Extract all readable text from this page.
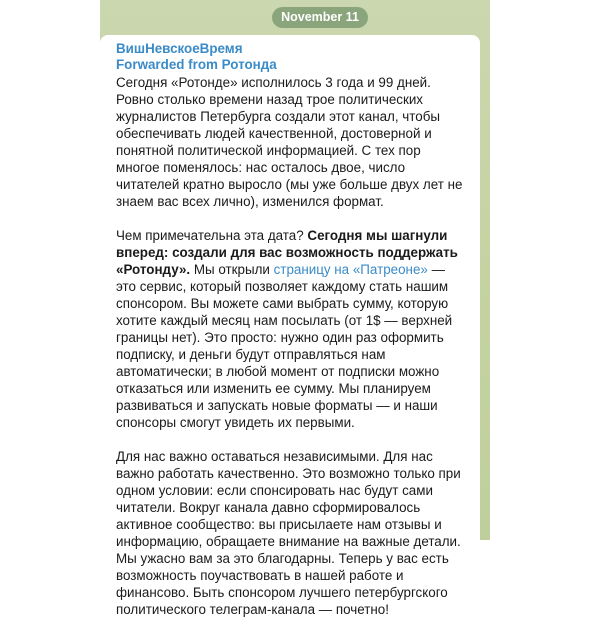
November 11
ВишНевскоеВремя
Forwarded from Ротонда
Сегодня «Ротонде» исполнилось 3 года и 99 дней. Ровно столько времени назад трое политических журналистов Петербурга создали этот канал, чтобы обеспечивать людей качественной, достоверной и понятной политической информацией. С тех пор многое поменялось: нас осталось двое, число читателей кратно выросло (мы уже больше двух лет не знаем вас всех лично), изменился формат.
Чем примечательна эта дата? Сегодня мы шагнули вперед: создали для вас возможность поддержать «Ротонду». Мы открыли страницу на «Патреоне» — это сервис, который позволяет каждому стать нашим спонсором. Вы можете сами выбрать сумму, которую хотите каждый месяц нам посылать (от 1$ — верхней границы нет). Это просто: нужно один раз оформить подписку, и деньги будут отправляться нам автоматически; в любой момент от подписки можно отказаться или изменить ее сумму. Мы планируем развиваться и запускать новые форматы — и наши спонсоры смогут увидеть их первыми.
Для нас важно оставаться независимыми. Для нас важно работать качественно. Это возможно только при одном условии: если спонсировать нас будут сами читатели. Вокруг канала давно сформировалось активное сообщество: вы присылаете нам отзывы и информацию, обращаете внимание на важные детали. Мы ужасно вам за это благодарны. Теперь у вас есть возможность поучаствовать в нашей работе и финансово. Быть спонсором лучшего петербургского политического телеграм-канала — почетно!
